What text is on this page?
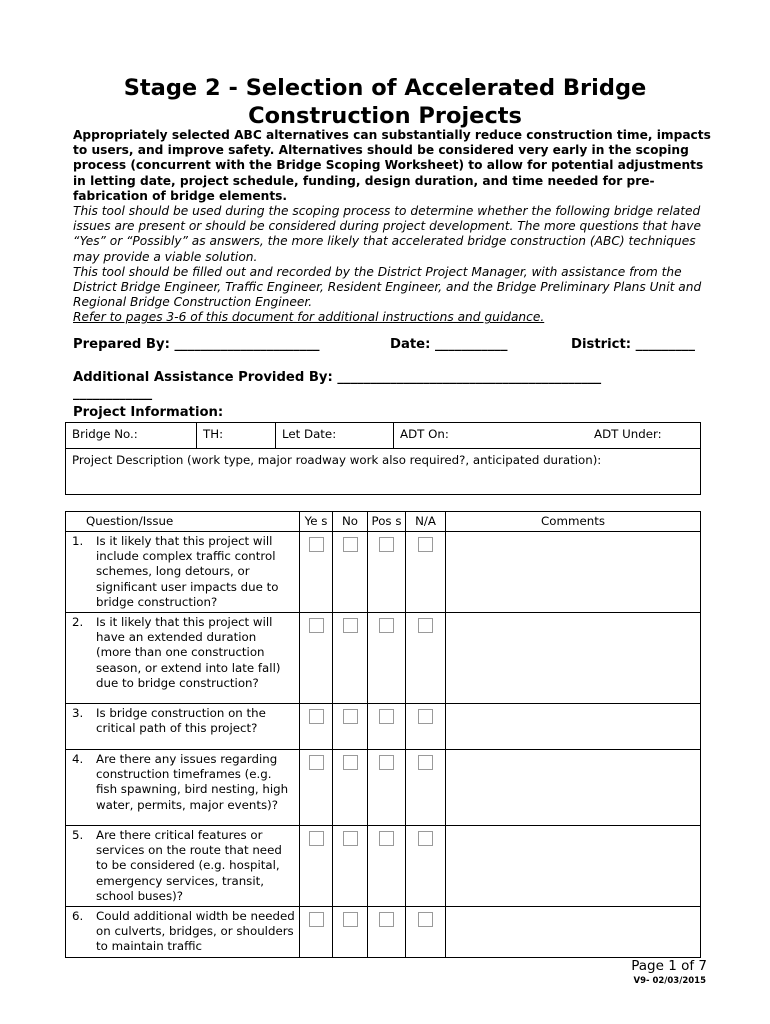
Stage 2 - Selection of Accelerated Bridge
Construction Projects
Appropriately selected ABC alternatives can substantially reduce construction time, impacts to users, and improve safety. Alternatives should be considered very early in the scoping process (concurrent with the Bridge Scoping Worksheet) to allow for potential adjustments in letting date, project schedule, funding, design duration, and time needed for pre-fabrication of bridge elements.
This tool should be used during the scoping process to determine whether the following bridge related issues are present or should be considered during project development. The more questions that have “Yes” or “Possibly” as answers, the more likely that accelerated bridge construction (ABC) techniques may provide a viable solution.
This tool should be filled out and recorded by the District Project Manager, with assistance from the District Bridge Engineer, Traffic Engineer, Resident Engineer, and the Bridge Preliminary Plans Unit and Regional Bridge Construction Engineer.
Refer to pages 3-6 of this document for additional instructions and guidance.
Prepared By: ______________________	Date: ___________	District: _________
Additional Assistance Provided By: ________________________________________
____________
Project Information:
Bridge No.:	TH:	Let Date:	ADT On:	ADT Under:
Project Description (work type, major roadway work also required?, anticipated duration):
Question/Issue	Ye s	No	Pos s	N/A	Comments

1. Is it likely that this project will include complex traffic control schemes, long detours, or significant user impacts due to bridge construction?					

2. Is it likely that this project will have an extended duration (more than one construction season, or extend into late fall) due to bridge construction?					

3. Is bridge construction on the critical path of this project?					

4. Are there any issues regarding construction timeframes (e.g. fish spawning, bird nesting, high water, permits, major events)?					

5. Are there critical features or services on the route that need to be considered (e.g. hospital, emergency services, transit, school buses)?					

6. Could additional width be needed on culverts, bridges, or shoulders to maintain traffic					

Page 1 of 7
V9- 02/03/2015
